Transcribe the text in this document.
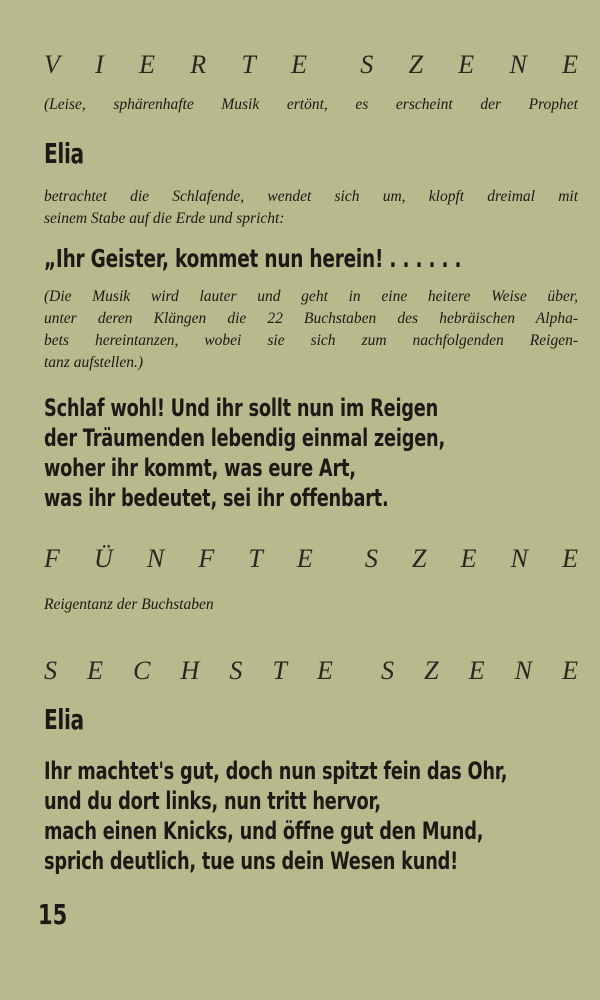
V I E R T E S Z E N E
(Leise, sphärenhafte Musik ertönt, es erscheint der Prophet
Elia
betrachtet die Schlafende, wendet sich um, klopft dreimal mit
seinem Stabe auf die Erde und spricht:
„Ihr Geister, kommet nun herein! . . . . . .
(Die Musik wird lauter und geht in eine heitere Weise über,
unter deren Klängen die 22 Buchstaben des hebräischen Alpha-
bets hereintanzen, wobei sie sich zum nachfolgenden Reigen-
tanz aufstellen.)
Schlaf wohl! Und ihr sollt nun im Reigen
der Träumenden lebendig einmal zeigen,
woher ihr kommt, was eure Art,
was ihr bedeutet, sei ihr offenbart.
F Ü N F T E S Z E N E
Reigentanz der Buchstaben
S E C H S T E S Z E N E
Elia
Ihr machtet's gut, doch nun spitzt fein das Ohr,
und du dort links, nun tritt hervor,
mach einen Knicks, und öffne gut den Mund,
sprich deutlich, tue uns dein Wesen kund!
15
